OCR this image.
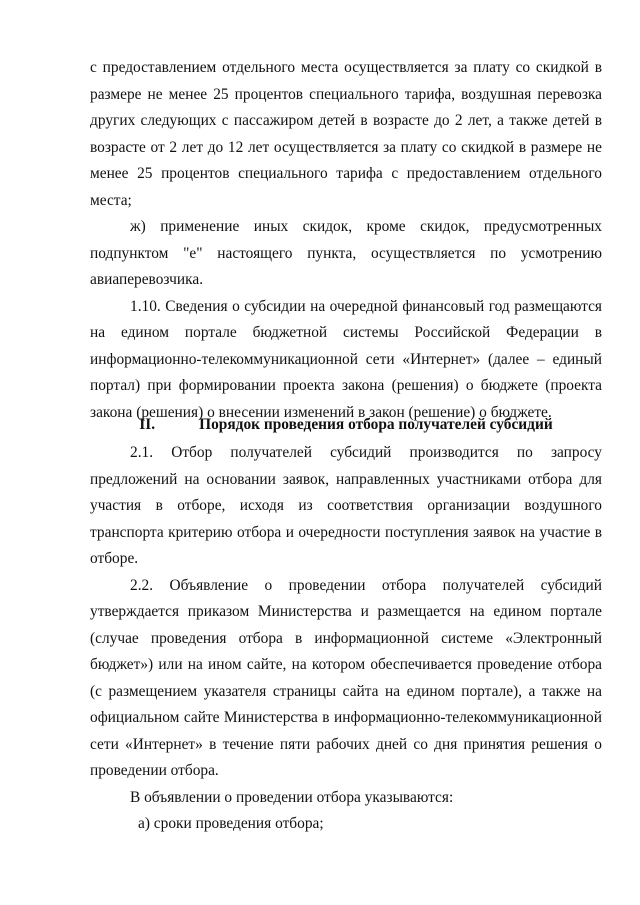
с предоставлением отдельного места осуществляется за плату со скидкой в размере не менее 25 процентов специального тарифа, воздушная перевозка других следующих с пассажиром детей в возрасте до 2 лет, а также детей в возрасте от 2 лет до 12 лет осуществляется за плату со скидкой в размере не менее 25 процентов специального тарифа с предоставлением отдельного места;

ж) применение иных скидок, кроме скидок, предусмотренных подпунктом "е" настоящего пункта, осуществляется по усмотрению авиаперевозчика.

1.10. Сведения о субсидии на очередной финансовый год размещаются на едином портале бюджетной системы Российской Федерации в информационно-телекоммуникационной сети «Интернет» (далее – единый портал) при формировании проекта закона (решения) о бюджете (проекта закона (решения) о внесении изменений в закон (решение) о бюджете.

II.	Порядок проведения отбора получателей субсидий

2.1. Отбор получателей субсидий производится по запросу предложений на основании заявок, направленных участниками отбора для участия в отборе, исходя из соответствия организации воздушного транспорта критерию отбора и очередности поступления заявок на участие в отборе.

2.2. Объявление о проведении отбора получателей субсидий утверждается приказом Министерства и размещается на едином портале (случае проведения отбора в информационной системе «Электронный бюджет») или на ином сайте, на котором обеспечивается проведение отбора (с размещением указателя страницы сайта на едином портале), а также на официальном сайте Министерства в информационно-телекоммуникационной сети «Интернет» в течение пяти рабочих дней со дня принятия решения о проведении отбора.

В объявлении о проведении отбора указываются:

а) сроки проведения отбора;
